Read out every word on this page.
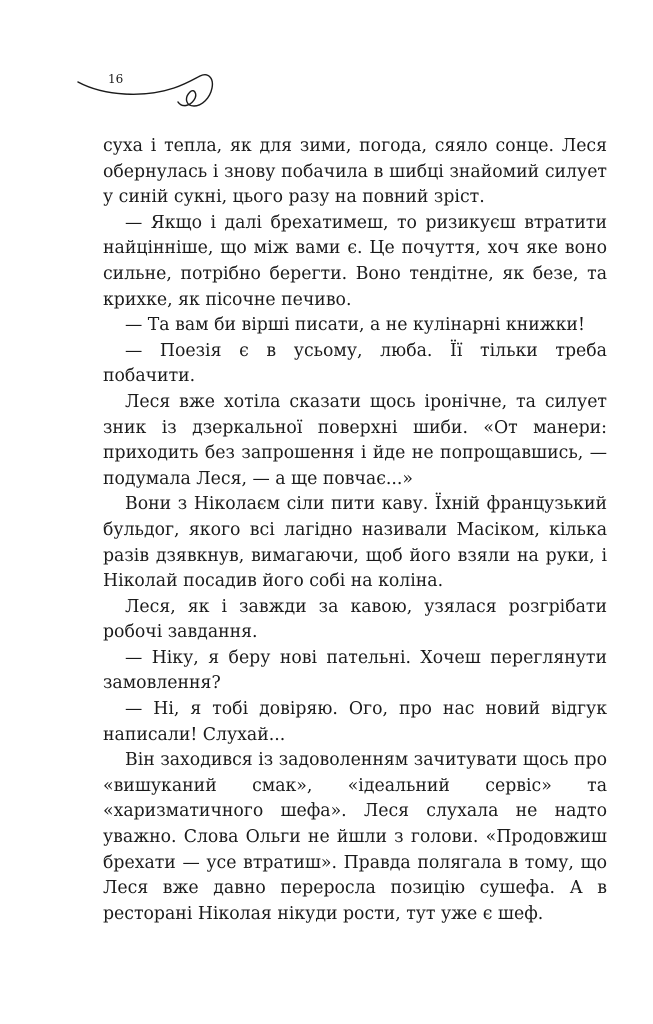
16

сухa і тепла, як для зими, погода, сяяло сонце. Леся обернулась і знову побачила в шибці знайомий силует у синій сукні, цього разу на повний зріст.

— Якщо і далі брехатимеш, то ризикуєш втратити найцінніше, що між вами є. Це почуття, хоч яке воно сильне, потрібно берегти. Воно тендітне, як безе, та крихке, як пісочне печиво.

— Та вам би вірші писати, а не кулінарні книжки!

— Поезія є в усьому, люба. Її тільки треба побачити.

Леся вже хотіла сказати щось іронічне, та силует зник із дзеркальної поверхні шиби. «От манери: приходить без запрошення і йде не попрощавшись, — подумала Леся, — а ще повчає...»

Вони з Ніколаєм сіли пити каву. Їхній французький бульдог, якого всі лагідно називали Масіком, кілька разів дзявкнув, вимагаючи, щоб його взяли на руки, і Ніколай посадив його собі на коліна.

Леся, як і завжди за кавою, узялася розгрібати робочі завдання.

— Ніку, я беру нові пательні. Хочеш переглянути замовлення?

— Ні, я тобі довіряю. Ого, про нас новий відгук написали! Слухай...

Він заходився із задоволенням зачитувати щось про «вишуканий смак», «ідеальний сервіс» та «харизматичного шефа». Леся слухала не надто уважно. Слова Ольги не йшли з голови. «Продовжиш брехати — усе втратиш». Правда полягала в тому, що Леся вже давно переросла позицію сушефа. А в ресторані Ніколая нікуди рости, тут уже є шеф.
